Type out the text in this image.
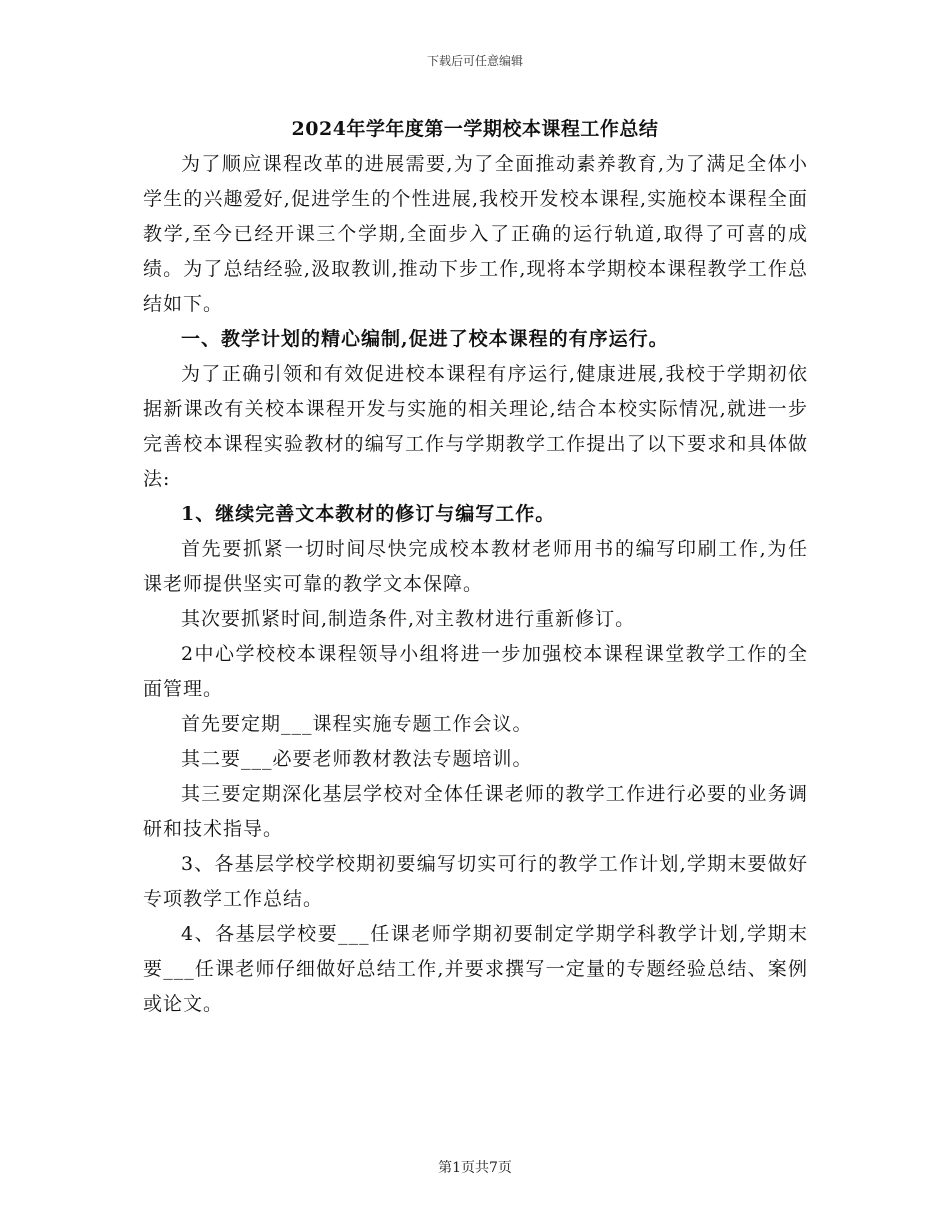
下载后可任意编辑
2024年学年度第一学期校本课程工作总结

为了顺应课程改革的进展需要,为了全面推动素养教育,为了满足全体小学生的兴趣爱好,促进学生的个性进展,我校开发校本课程,实施校本课程全面教学,至今已经开课三个学期,全面步入了正确的运行轨道,取得了可喜的成绩。为了总结经验,汲取教训,推动下步工作,现将本学期校本课程教学工作总结如下。

一、教学计划的精心编制,促进了校本课程的有序运行。

为了正确引领和有效促进校本课程有序运行,健康进展,我校于学期初依据新课改有关校本课程开发与实施的相关理论,结合本校实际情况,就进一步完善校本课程实验教材的编写工作与学期教学工作提出了以下要求和具体做法:

1、继续完善文本教材的修订与编写工作。

首先要抓紧一切时间尽快完成校本教材老师用书的编写印刷工作,为任课老师提供坚实可靠的教学文本保障。

其次要抓紧时间,制造条件,对主教材进行重新修订。

2中心学校校本课程领导小组将进一步加强校本课程课堂教学工作的全面管理。

首先要定期___课程实施专题工作会议。

其二要___必要老师教材教法专题培训。

其三要定期深化基层学校对全体任课老师的教学工作进行必要的业务调研和技术指导。

3、各基层学校学校期初要编写切实可行的教学工作计划,学期末要做好专项教学工作总结。

4、各基层学校要___任课老师学期初要制定学期学科教学计划,学期末要___任课老师仔细做好总结工作,并要求撰写一定量的专题经验总结、案例或论文。

第1页共7页
